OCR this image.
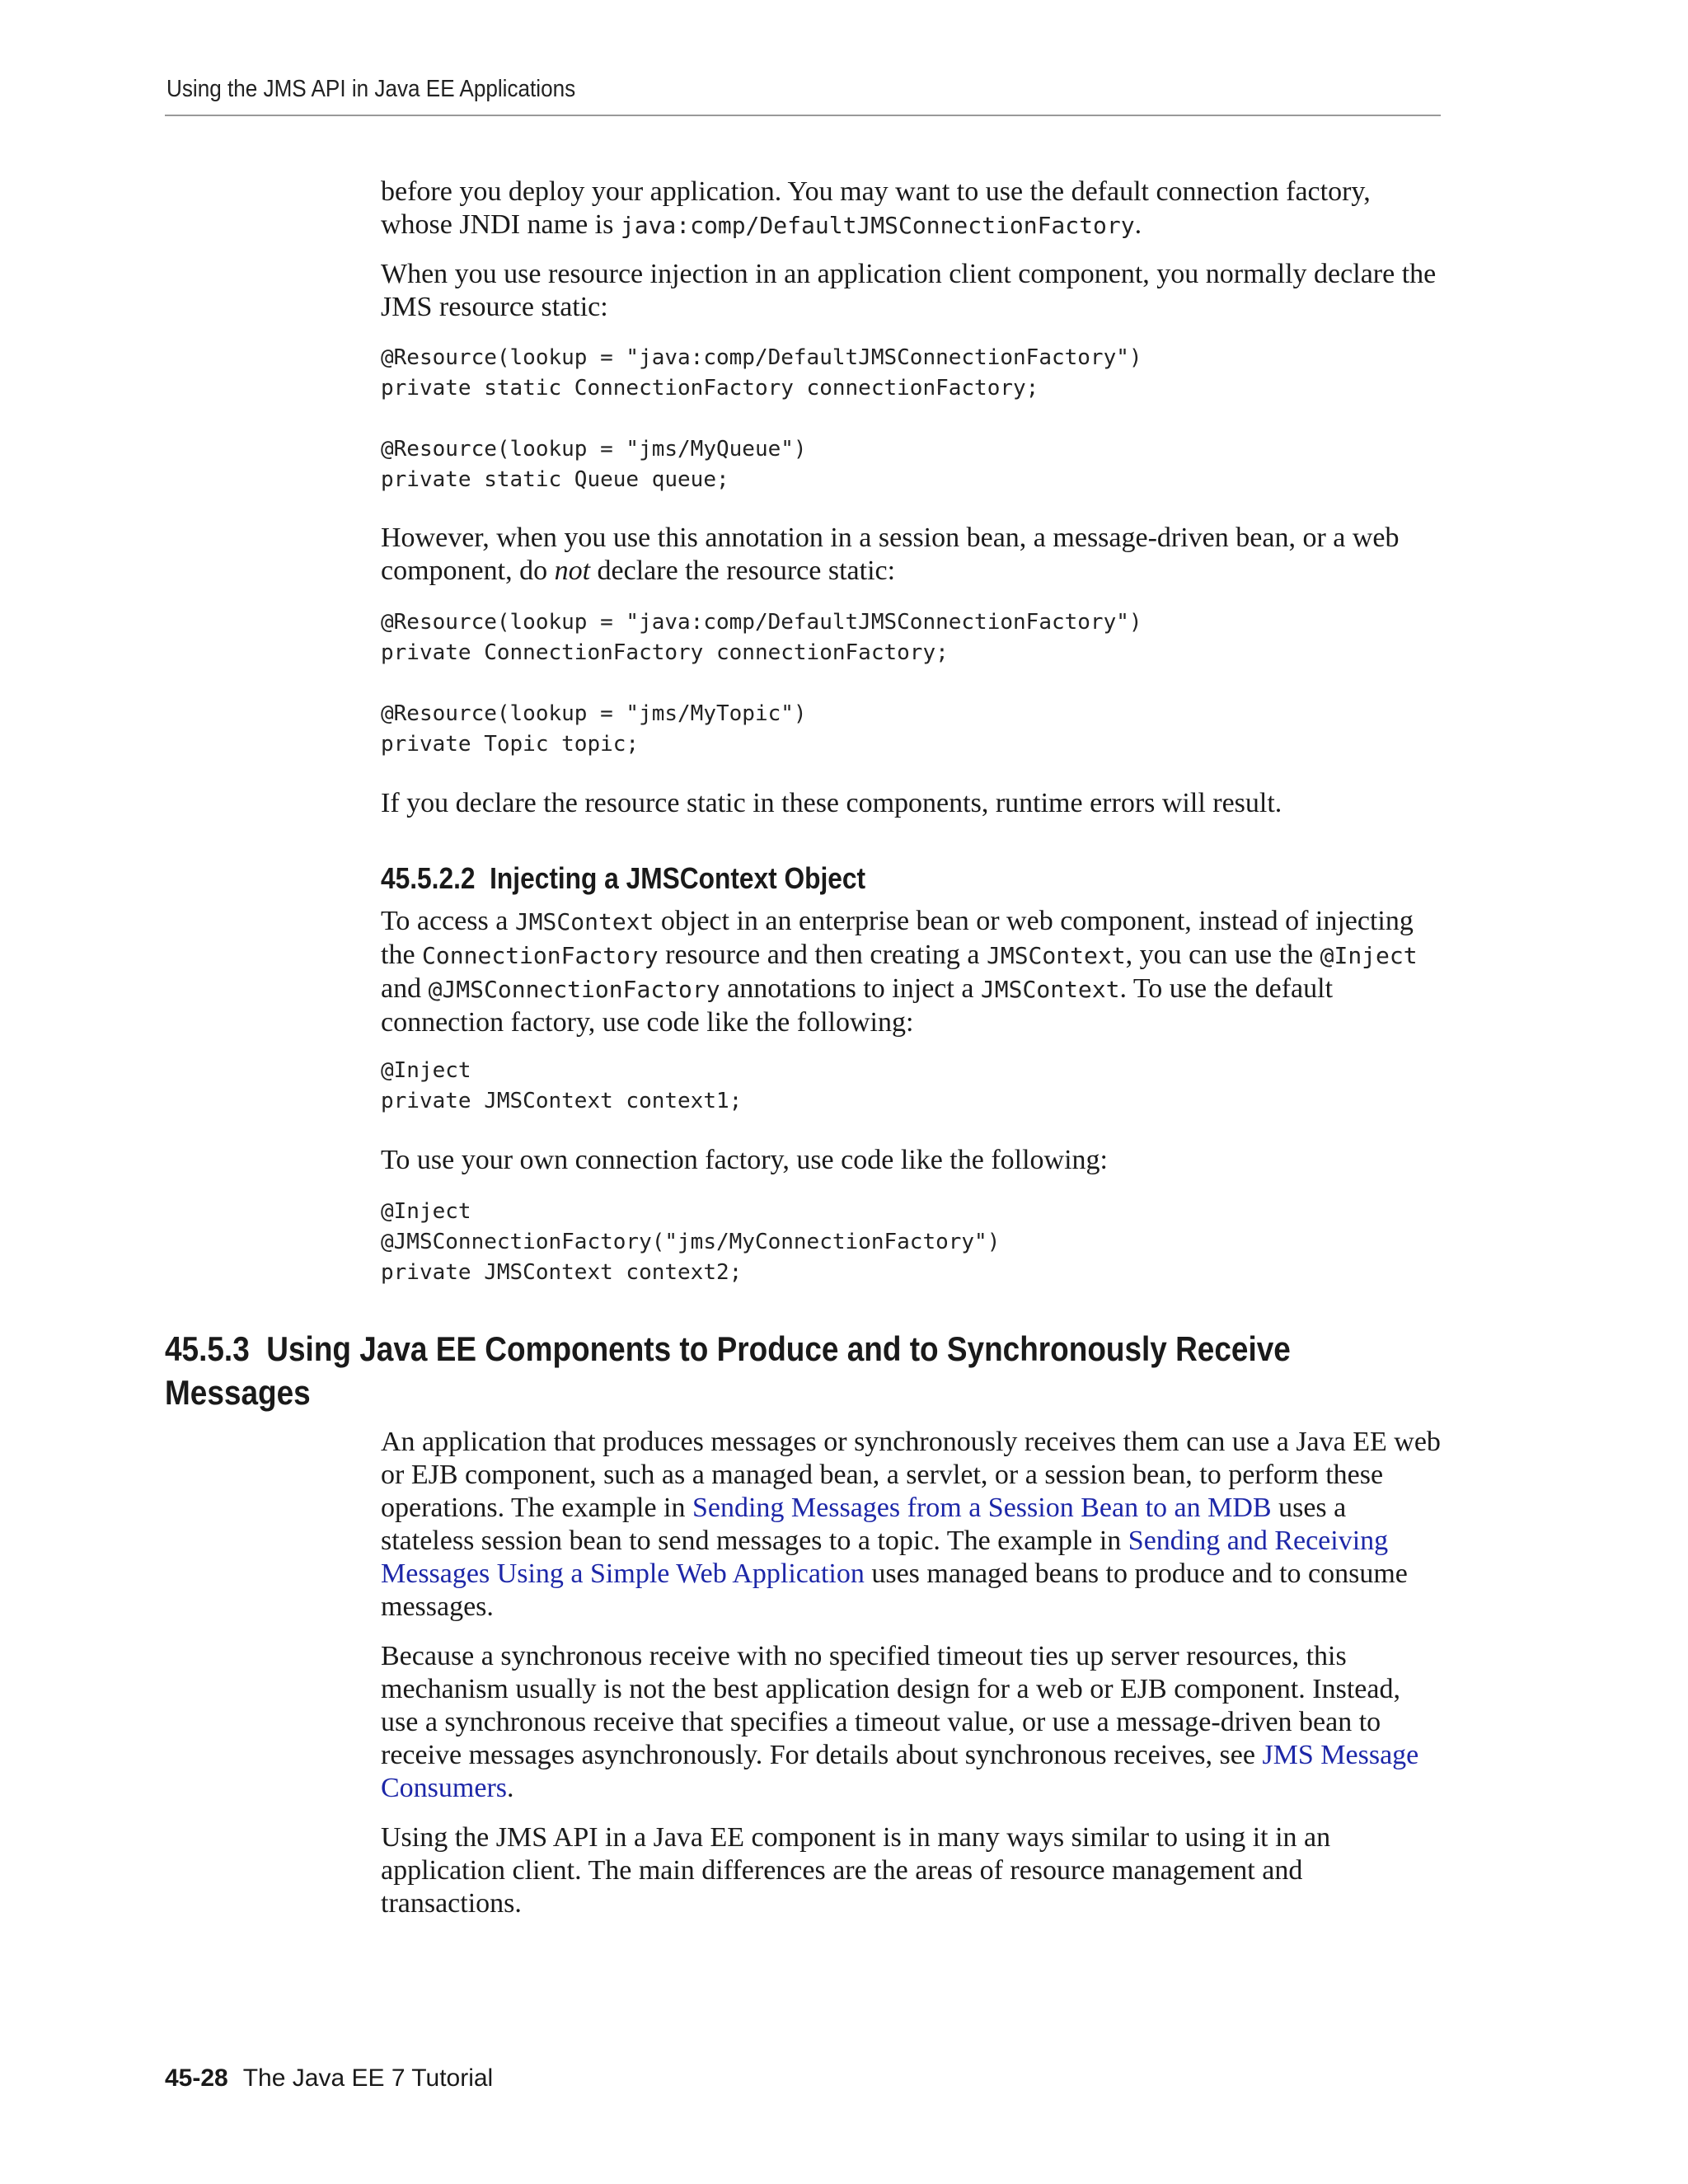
Using the JMS API in Java EE Applications

before you deploy your application. You may want to use the default connection factory, whose JNDI name is java:comp/DefaultJMSConnectionFactory.

When you use resource injection in an application client component, you normally declare the JMS resource static:

@Resource(lookup = "java:comp/DefaultJMSConnectionFactory")
private static ConnectionFactory connectionFactory;

@Resource(lookup = "jms/MyQueue")
private static Queue queue;

However, when you use this annotation in a session bean, a message-driven bean, or a web component, do not declare the resource static:

@Resource(lookup = "java:comp/DefaultJMSConnectionFactory")
private ConnectionFactory connectionFactory;

@Resource(lookup = "jms/MyTopic")
private Topic topic;

If you declare the resource static in these components, runtime errors will result.

45.5.2.2 Injecting a JMSContext Object

To access a JMSContext object in an enterprise bean or web component, instead of injecting the ConnectionFactory resource and then creating a JMSContext, you can use the @Inject and @JMSConnectionFactory annotations to inject a JMSContext. To use the default connection factory, use code like the following:

@Inject
private JMSContext context1;

To use your own connection factory, use code like the following:

@Inject
@JMSConnectionFactory("jms/MyConnectionFactory")
private JMSContext context2;
45.5.3 Using Java EE Components to Produce and to Synchronously Receive Messages

An application that produces messages or synchronously receives them can use a Java EE web or EJB component, such as a managed bean, a servlet, or a session bean, to perform these operations. The example in Sending Messages from a Session Bean to an MDB uses a stateless session bean to send messages to a topic. The example in Sending and Receiving Messages Using a Simple Web Application uses managed beans to produce and to consume messages.

Because a synchronous receive with no specified timeout ties up server resources, this mechanism usually is not the best application design for a web or EJB component. Instead, use a synchronous receive that specifies a timeout value, or use a message-driven bean to receive messages asynchronously. For details about synchronous receives, see JMS Message Consumers.

Using the JMS API in a Java EE component is in many ways similar to using it in an application client. The main differences are the areas of resource management and transactions.

45-28 The Java EE 7 Tutorial
